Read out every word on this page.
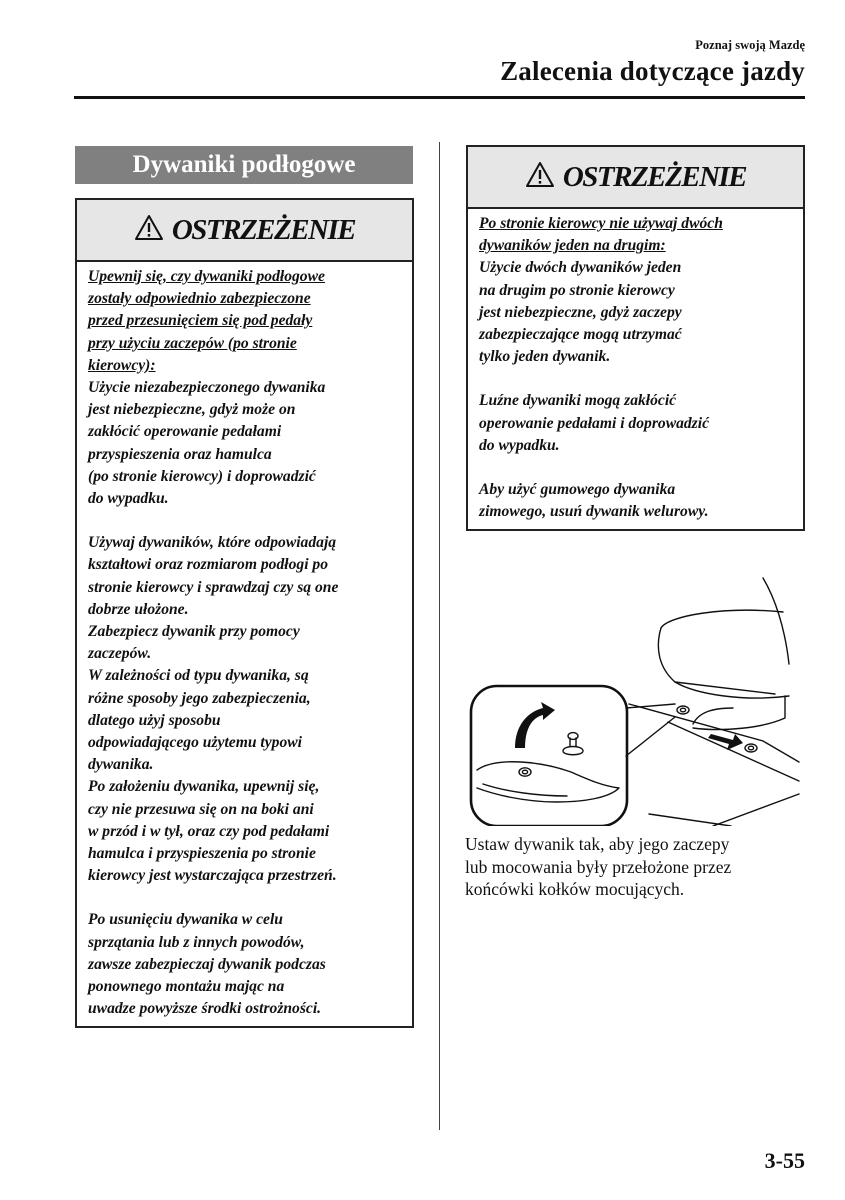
Poznaj swoją Mazdę
Zalecenia dotyczące jazdy
Dywaniki podłogowe
OSTRZEŻENIE

Upewnij się, czy dywaniki podłogowe
zostały odpowiednio zabezpieczone
przed przesunięciem się pod pedały
przy użyciu zaczepów (po stronie
kierowcy):

Użycie niezabezpieczonego dywanika
jest niebezpieczne, gdyż może on
zakłócić operowanie pedałami
przyspieszenia oraz hamulca
(po stronie kierowcy) i doprowadzić
do wypadku.

Używaj dywaników, które odpowiadają
kształtowi oraz rozmiarom podłogi po
stronie kierowcy i sprawdzaj czy są one
dobrze ułożone.
Zabezpiecz dywanik przy pomocy
zaczepów.
W zależności od typu dywanika, są
różne sposoby jego zabezpieczenia,
dlatego użyj sposobu
odpowiadającego użytemu typowi
dywanika.
Po założeniu dywanika, upewnij się,
czy nie przesuwa się on na boki ani
w przód i w tył, oraz czy pod pedałami
hamulca i przyspieszenia po stronie
kierowcy jest wystarczająca przestrzeń.

Po usunięciu dywanika w celu
sprzątania lub z innych powodów,
zawsze zabezpieczaj dywanik podczas
ponownego montażu mając na
uwadze powyższe środki ostrożności.

OSTRZEŻENIE

Po stronie kierowcy nie używaj dwóch
dywaników jeden na drugim:

Użycie dwóch dywaników jeden
na drugim po stronie kierowcy
jest niebezpieczne, gdyż zaczepy
zabezpieczające mogą utrzymać
tylko jeden dywanik.

Luźne dywaniki mogą zakłócić
operowanie pedałami i doprowadzić
do wypadku.

Aby użyć gumowego dywanika
zimowego, usuń dywanik welurowy.

Ustaw dywanik tak, aby jego zaczepy
lub mocowania były przełożone przez
końcówki kołków mocujących.
3-55
